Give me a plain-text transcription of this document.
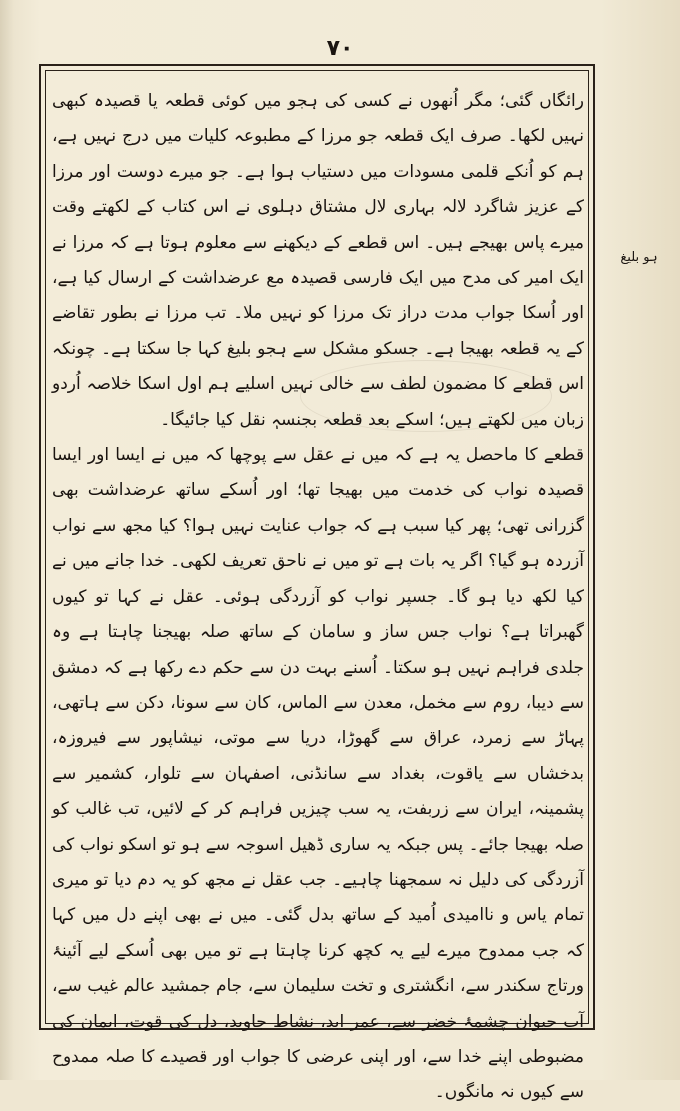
۷۰

رائگاں گئی؛ مگر اُنھوں نے کسی کی ہجو میں کوئی قطعہ یا قصیدہ کبھی نہیں لکھا۔ صرف ایک قطعہ جو مرزا کے مطبوعہ کلیات میں درج نہیں ہے، ہم کو اُنکے قلمی مسودات میں دستیاب ہوا ہے۔ جو میرے دوست اور مرزا کے عزیز شاگرد لالہ بہاری لال مشتاق دہلوی نے اس کتاب کے لکھتے وقت میرے پاس بھیجے ہیں۔ اس قطعے کے دیکھنے سے معلوم ہوتا ہے کہ مرزا نے ایک امیر کی مدح میں ایک فارسی قصیدہ مع عرضداشت کے ارسال کیا ہے، اور اُسکا جواب مدت دراز تک مرزا کو نہیں ملا۔ تب مرزا نے بطور تقاضے کے یہ قطعہ بھیجا ہے۔ جسکو مشکل سے ہجو بلیغ کہا جا سکتا ہے۔ چونکہ اس قطعے کا مضمون لطف سے خالی نہیں اسلیے ہم اول اسکا خلاصہ اُردو زبان میں لکھتے ہیں؛ اسکے بعد قطعہ بجنسہٖ نقل کیا جائیگا۔

قطعے کا ماحصل یہ ہے کہ میں نے عقل سے پوچھا کہ میں نے ایسا اور ایسا قصیدہ نواب کی خدمت میں بھیجا تھا؛ اور اُسکے ساتھ عرضداشت بھی گزرانی تھی؛ پھر کیا سبب ہے کہ جواب عنایت نہیں ہوا؟ کیا مجھ سے نواب آزردہ ہو گیا؟ اگر یہ بات ہے تو میں نے ناحق تعریف لکھی۔ خدا جانے میں نے کیا لکھ دیا ہو گا۔ جسپر نواب کو آزردگی ہوئی۔ عقل نے کہا تو کیوں گھبراتا ہے؟ نواب جس ساز و سامان کے ساتھ صلہ بھیجنا چاہتا ہے وہ جلدی فراہم نہیں ہو سکتا۔ اُسنے بہت دن سے حکم دے رکھا ہے کہ دمشق سے دیبا، روم سے مخمل، معدن سے الماس، کان سے سونا، دکن سے ہاتھی، پہاڑ سے زمرد، عراق سے گھوڑا، دریا سے موتی، نیشاپور سے فیروزہ، بدخشاں سے یاقوت، بغداد سے سانڈنی، اصفہان سے تلوار، کشمیر سے پشمینہ، ایران سے زربفت، یہ سب چیزیں فراہم کر کے لائیں، تب غالب کو صلہ بھیجا جائے۔ پس جبکہ یہ ساری ڈھیل اسوجہ سے ہو تو اسکو نواب کی آزردگی کی دلیل نہ سمجھنا چاہیے۔ جب عقل نے مجھ کو یہ دم دیا تو میری تمام یاس و ناامیدی اُمید کے ساتھ بدل گئی۔ میں نے بھی اپنے دل میں کہا کہ جب ممدوح میرے لیے یہ کچھ کرنا چاہتا ہے تو میں بھی اُسکے لیے آئینۂ ورتاج سکندر سے، انگشتری و تخت سلیمان سے، جام جمشید عالم غیب سے، آب حیوان چشمۂ خضر سے، عمر ابد، نشاط جاوید، دل کی قوت، ایمان کی مضبوطی اپنے خدا سے، اور اپنی عرضی کا جواب اور قصیدے کا صلہ ممدوح سے کیوں نہ مانگوں۔

ہو بلیغ
